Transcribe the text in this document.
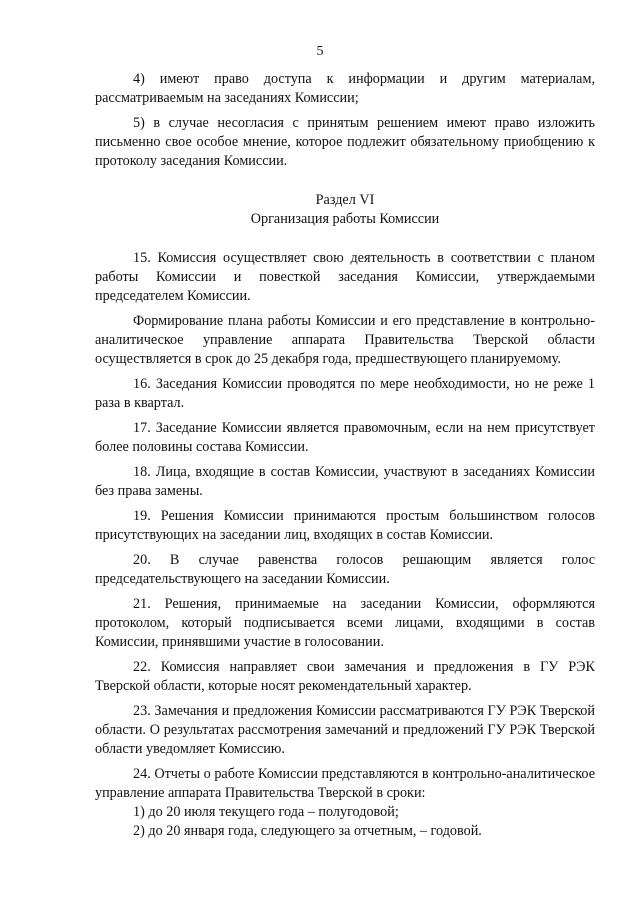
5

4) имеют право доступа к информации и другим материалам, рассматриваемым на заседаниях Комиссии;

5) в случае несогласия с принятым решением имеют право изложить письменно свое особое мнение, которое подлежит обязательному приобщению к протоколу заседания Комиссии.

Раздел VI

Организация работы Комиссии

15. Комиссия осуществляет свою деятельность в соответствии с планом работы Комиссии и повесткой заседания Комиссии, утверждаемыми председателем Комиссии.

Формирование плана работы Комиссии и его представление в контрольно-аналитическое управление аппарата Правительства Тверской области осуществляется в срок до 25 декабря года, предшествующего планируемому.

16. Заседания Комиссии проводятся по мере необходимости, но не реже 1 раза в квартал.

17. Заседание Комиссии является правомочным, если на нем присутствует более половины состава Комиссии.

18. Лица, входящие в состав Комиссии, участвуют в заседаниях Комиссии без права замены.

19. Решения Комиссии принимаются простым большинством голосов присутствующих на заседании лиц, входящих в состав Комиссии.

20. В случае равенства голосов решающим является голос председательствующего на заседании Комиссии.

21. Решения, принимаемые на заседании Комиссии, оформляются протоколом, который подписывается всеми лицами, входящими в состав Комиссии, принявшими участие в голосовании.

22. Комиссия направляет свои замечания и предложения в ГУ РЭК Тверской области, которые носят рекомендательный характер.

23. Замечания и предложения Комиссии рассматриваются ГУ РЭК Тверской области. О результатах рассмотрения замечаний и предложений ГУ РЭК Тверской области уведомляет Комиссию.

24. Отчеты о работе Комиссии представляются в контрольно-аналитическое управление аппарата Правительства Тверской в сроки:

1) до 20 июля текущего года – полугодовой;

2) до 20 января года, следующего за отчетным, – годовой.
